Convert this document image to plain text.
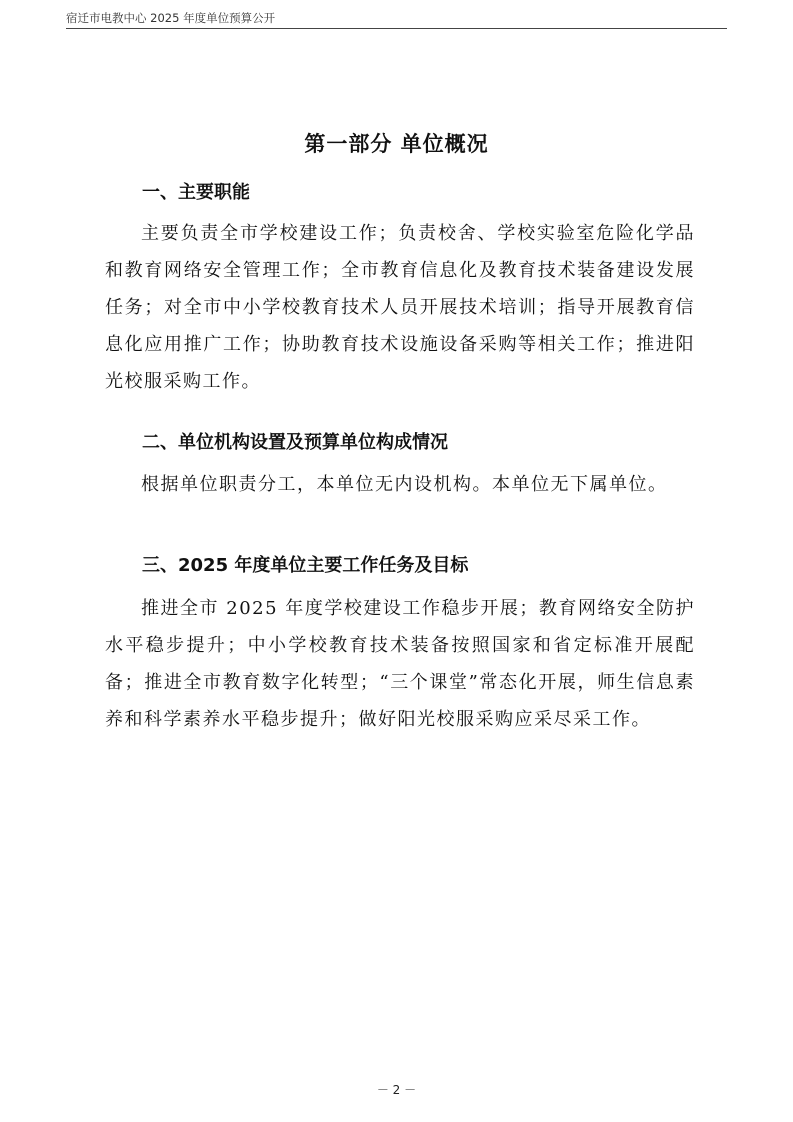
宿迁市电教中心 2025 年度单位预算公开
第一部分 单位概况
一、主要职能

主要负责全市学校建设工作；负责校舍、学校实验室危险化学品和教育网络安全管理工作；全市教育信息化及教育技术装备建设发展任务；对全市中小学校教育技术人员开展技术培训；指导开展教育信息化应用推广工作；协助教育技术设施设备采购等相关工作；推进阳光校服采购工作。

二、单位机构设置及预算单位构成情况

根据单位职责分工，本单位无内设机构。本单位无下属单位。

三、2025 年度单位主要工作任务及目标

推进全市 2025 年度学校建设工作稳步开展；教育网络安全防护水平稳步提升；中小学校教育技术装备按照国家和省定标准开展配备；推进全市教育数字化转型；“三个课堂”常态化开展，师生信息素养和科学素养水平稳步提升；做好阳光校服采购应采尽采工作。

－ 2 －
